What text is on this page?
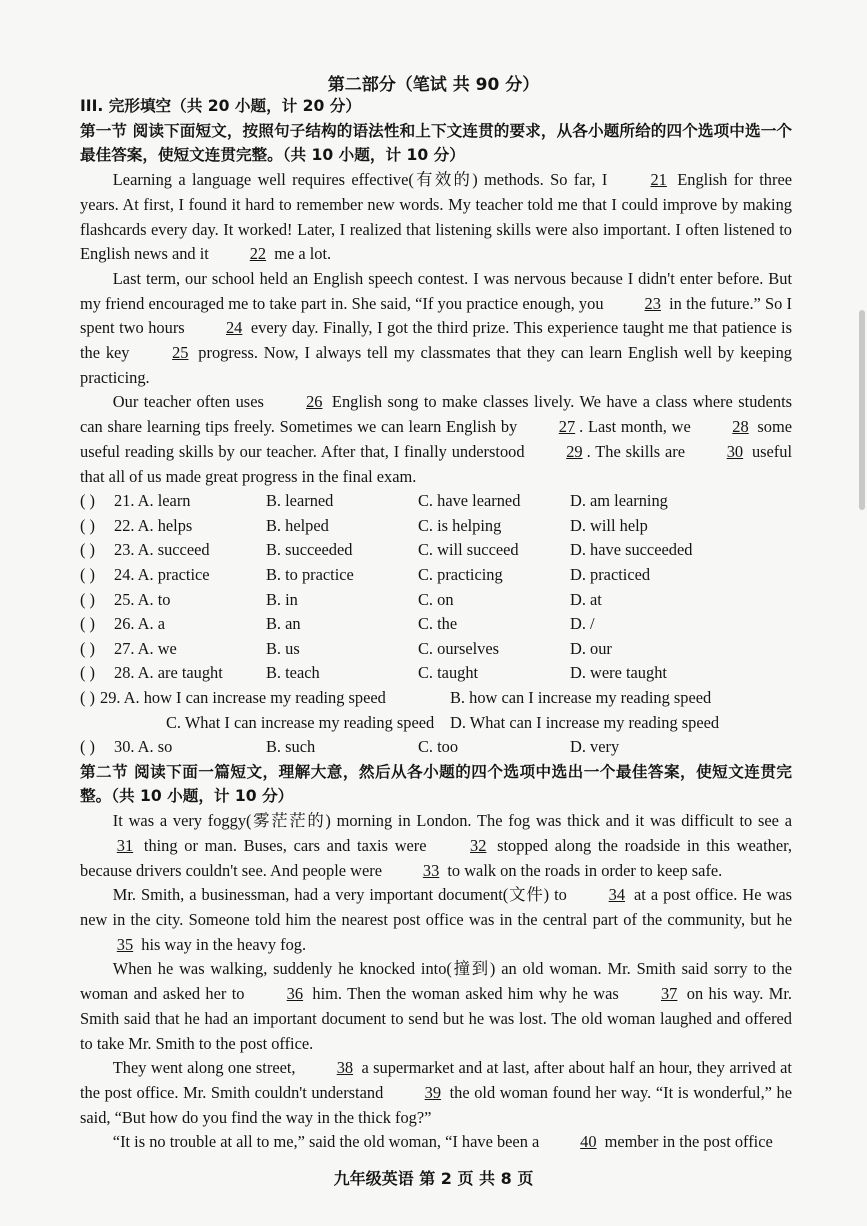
第二部分（笔试 共 90 分）
III. 完形填空（共 20 小题，计 20 分）

第一节 阅读下面短文，按照句子结构的语法性和上下文连贯的要求，从各小题所给的四个选项中选一个最佳答案，使短文连贯完整。（共 10 小题，计 10 分）

Learning a language well requires effective(有效的) methods. So far, I 21 English for three years. At first, I found it hard to remember new words. My teacher told me that I could improve by making flashcards every day. It worked! Later, I realized that listening skills were also important. I often listened to English news and it 22 me a lot.

Last term, our school held an English speech contest. I was nervous because I didn't enter before. But my friend encouraged me to take part in. She said, “If you practice enough, you 23 in the future.” So I spent two hours 24 every day. Finally, I got the third prize. This experience taught me that patience is the key 25 progress. Now, I always tell my classmates that they can learn English well by keeping practicing.

Our teacher often uses 26 English song to make classes lively. We have a class where students can share learning tips freely. Sometimes we can learn English by 27 . Last month, we 28 some useful reading skills by our teacher. After that, I finally understood 29 . The skills are 30 useful that all of us made great progress in the final exam.

( )	21. A. learn	B. learned	C. have learned	D. am learning
( )	22. A. helps	B. helped	C. is helping	D. will help
( )	23. A. succeed	B. succeeded	C. will succeed	D. have succeeded
( )	24. A. practice	B. to practice	C. practicing	D. practiced
( )	25. A. to	B. in	C. on	D. at
( )	26. A. a	B. an	C. the	D. /
( )	27. A. we	B. us	C. ourselves	D. our
( )	28. A. are taught	B. teach	C. taught	D. were taught
( ) 29. A. how I can increase my reading speed	B. how can I increase my reading speed
C. What I can increase my reading speed D. What can I increase my reading speed
( )	30. A. so	B. such	C. too	D. very

第二节 阅读下面一篇短文，理解大意，然后从各小题的四个选项中选出一个最佳答案，使短文连贯完整。（共 10 小题，计 10 分）

It was a very foggy(雾茫茫的) morning in London. The fog was thick and it was difficult to see a 31 thing or man. Buses, cars and taxis were 32 stopped along the roadside in this weather, because drivers couldn't see. And people were 33 to walk on the roads in order to keep safe.

Mr. Smith, a businessman, had a very important document(文件) to 34 at a post office. He was new in the city. Someone told him the nearest post office was in the central part of the community, but he 35 his way in the heavy fog.

When he was walking, suddenly he knocked into(撞到) an old woman. Mr. Smith said sorry to the woman and asked her to 36 him. Then the woman asked him why he was 37 on his way. Mr. Smith said that he had an important document to send but he was lost. The old woman laughed and offered to take Mr. Smith to the post office.

They went along one street, 38 a supermarket and at last, after about half an hour, they arrived at the post office. Mr. Smith couldn't understand 39 the old woman found her way. “It is wonderful,” he said, “But how do you find the way in the thick fog?”

“It is no trouble at all to me,” said the old woman, “I have been a 40 member in the post office

九年级英语 第 2 页 共 8 页
